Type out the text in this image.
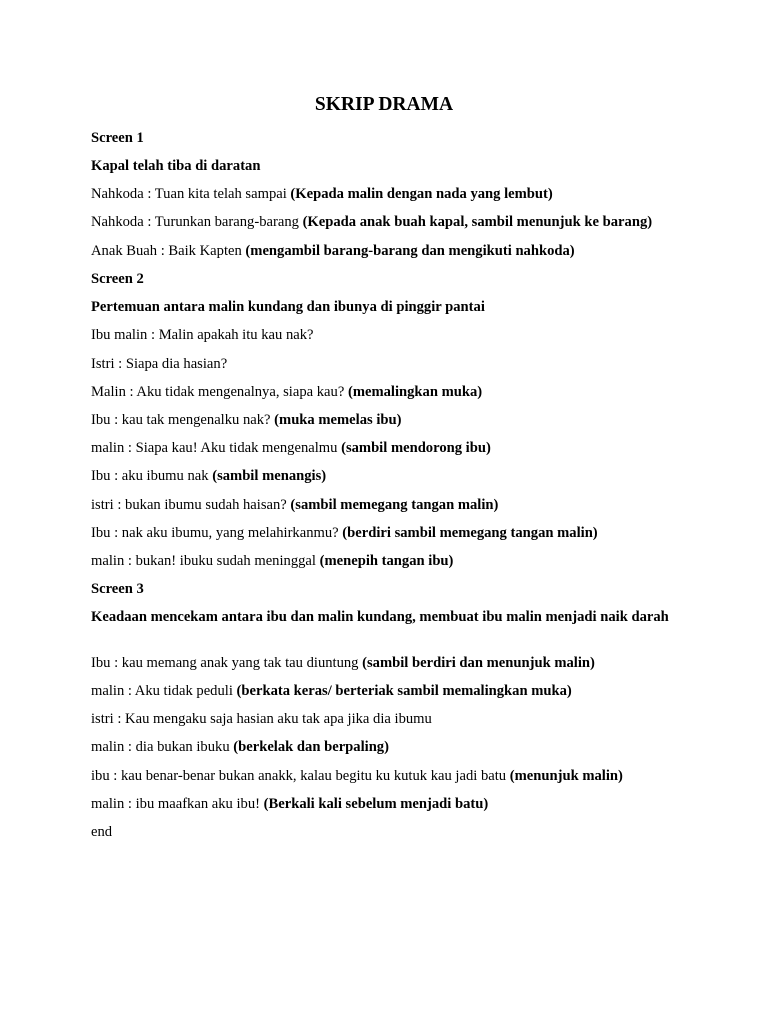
SKRIP DRAMA
Screen 1
Kapal telah tiba di daratan
Nahkoda : Tuan kita telah sampai (Kepada malin dengan nada yang lembut)
Nahkoda : Turunkan barang-barang (Kepada anak buah kapal, sambil menunjuk ke barang)
Anak Buah : Baik Kapten (mengambil barang-barang dan mengikuti nahkoda)
Screen 2
Pertemuan antara malin kundang dan ibunya di pinggir pantai
Ibu malin : Malin apakah itu kau nak?
Istri : Siapa dia hasian?
Malin : Aku tidak mengenalnya, siapa kau? (memalingkan muka)
Ibu : kau tak mengenalku nak? (muka memelas ibu)
malin : Siapa kau! Aku tidak mengenalmu (sambil mendorong ibu)
Ibu : aku ibumu nak (sambil menangis)
istri : bukan ibumu sudah haisan? (sambil memegang tangan malin)
Ibu : nak aku ibumu, yang melahirkanmu? (berdiri sambil memegang tangan malin)
malin : bukan! ibuku sudah meninggal (menepih tangan ibu)
Screen 3
Keadaan mencekam antara ibu dan malin kundang, membuat ibu malin menjadi naik darah
Ibu : kau memang anak yang tak tau diuntung (sambil berdiri dan menunjuk malin)
malin : Aku tidak peduli (berkata keras/ berteriak sambil memalingkan muka)
istri : Kau mengaku saja hasian aku tak apa jika dia ibumu
malin : dia bukan ibuku (berkelak dan berpaling)
ibu : kau benar-benar bukan anakk, kalau begitu ku kutuk kau jadi batu (menunjuk malin)
malin : ibu maafkan aku ibu! (Berkali kali sebelum menjadi batu)
end
